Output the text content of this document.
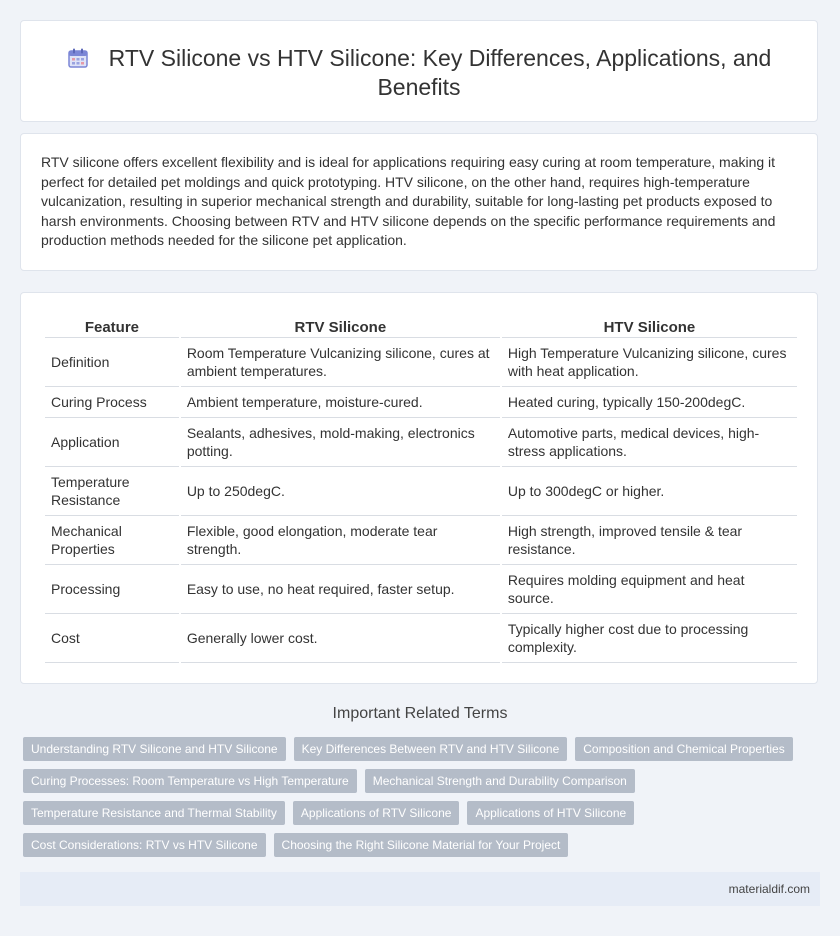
RTV Silicone vs HTV Silicone: Key Differences, Applications, and Benefits

RTV silicone offers excellent flexibility and is ideal for applications requiring easy curing at room temperature, making it perfect for detailed pet moldings and quick prototyping. HTV silicone, on the other hand, requires high-temperature vulcanization, resulting in superior mechanical strength and durability, suitable for long-lasting pet products exposed to harsh environments. Choosing between RTV and HTV silicone depends on the specific performance requirements and production methods needed for the silicone pet application.

Feature	RTV Silicone	HTV Silicone
Definition	Room Temperature Vulcanizing silicone, cures at ambient temperatures.	High Temperature Vulcanizing silicone, cures with heat application.
Curing Process	Ambient temperature, moisture-cured.	Heated curing, typically 150-200degC.
Application	Sealants, adhesives, mold-making, electronics potting.	Automotive parts, medical devices, high-stress applications.
Temperature Resistance	Up to 250degC.	Up to 300degC or higher.
Mechanical Properties	Flexible, good elongation, moderate tear strength.	High strength, improved tensile & tear resistance.
Processing	Easy to use, no heat required, faster setup.	Requires molding equipment and heat source.
Cost	Generally lower cost.	Typically higher cost due to processing complexity.
Important Related Terms
Understanding RTV Silicone and HTV Silicone	Key Differences Between RTV and HTV Silicone	Composition and Chemical Properties
Curing Processes: Room Temperature vs High Temperature	Mechanical Strength and Durability Comparison
Temperature Resistance and Thermal Stability	Applications of RTV Silicone	Applications of HTV Silicone
Cost Considerations: RTV vs HTV Silicone	Choosing the Right Silicone Material for Your Project
materialdif.com
